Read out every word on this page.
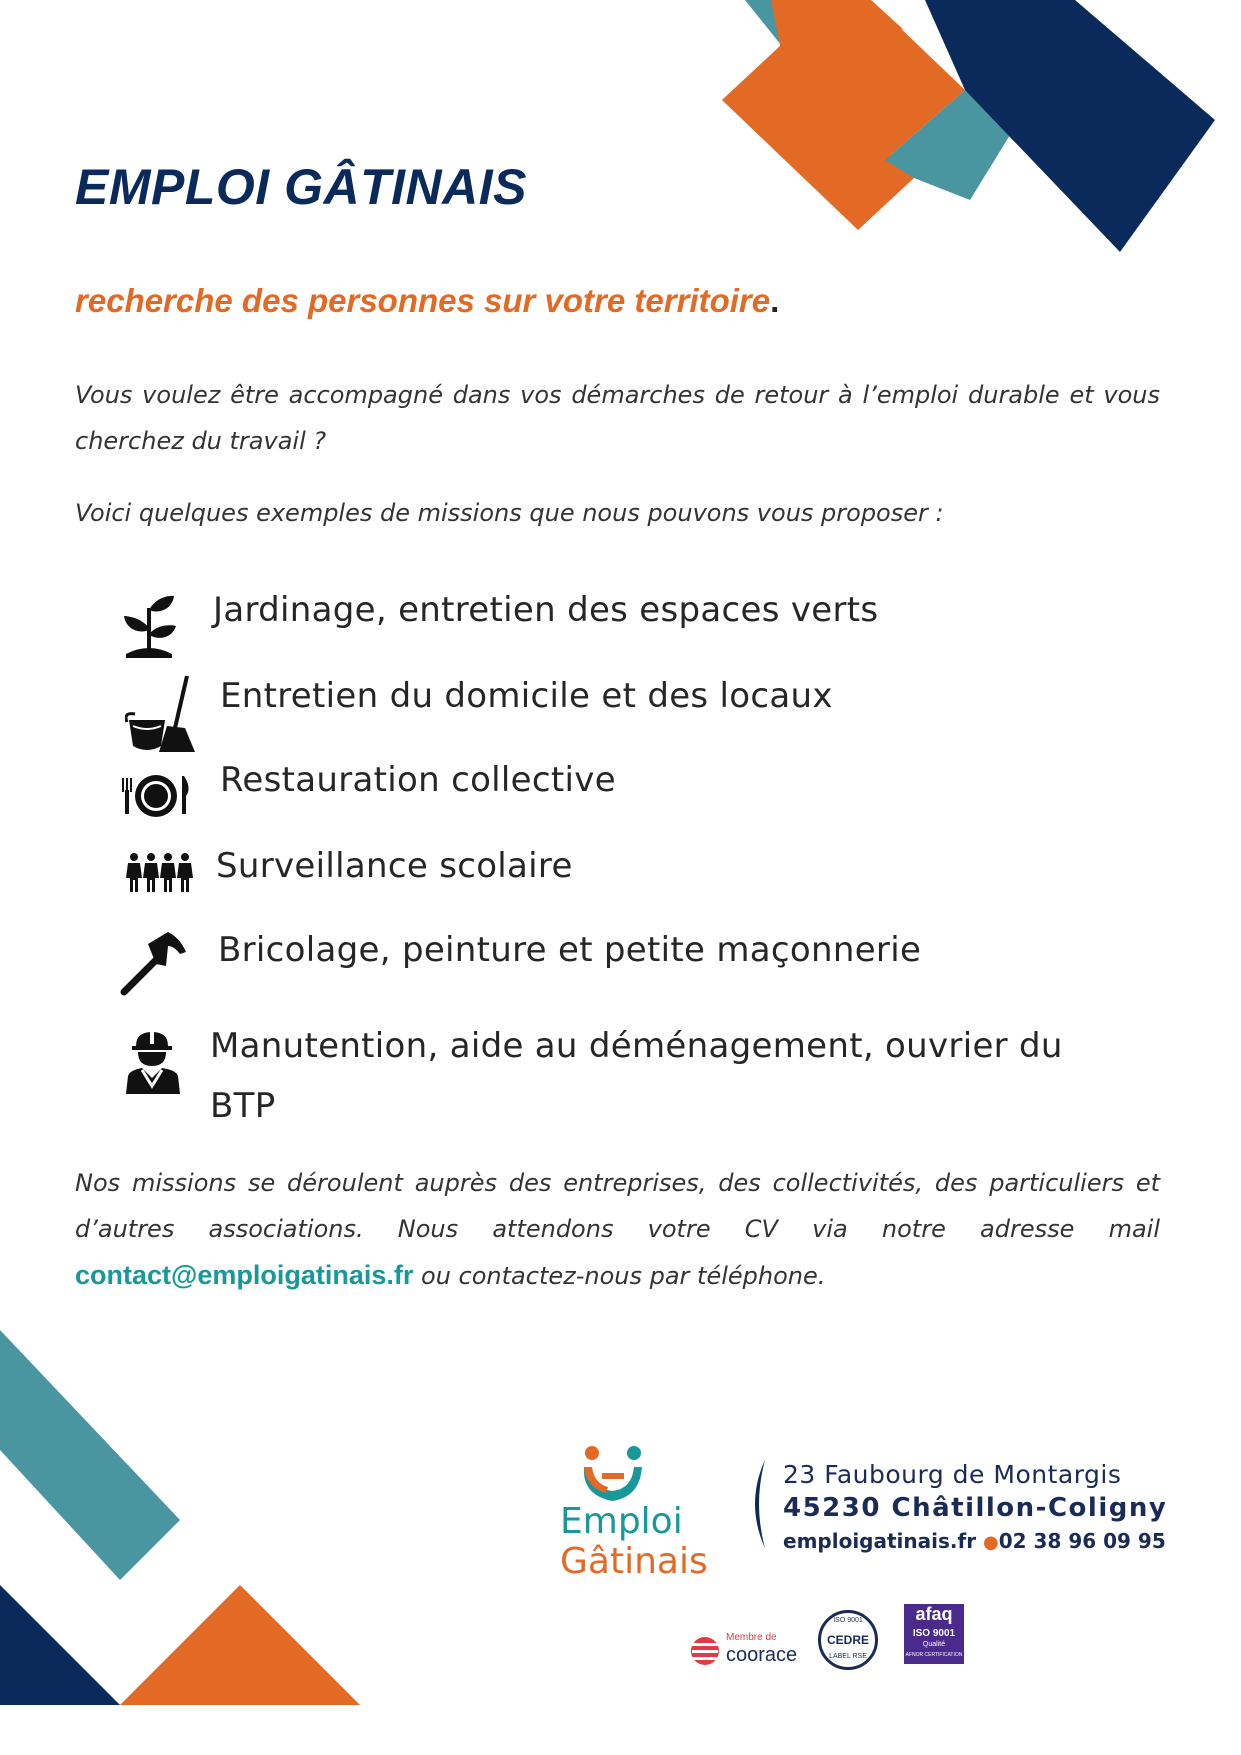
EMPLOI GÂTINAIS

recherche des personnes sur votre territoire.

Vous voulez être accompagné dans vos démarches de retour à l’emploi durable et vous cherchez du travail ?

Voici quelques exemples de missions que nous pouvons vous proposer :

Jardinage, entretien des espaces verts

Entretien du domicile et des locaux

Restauration collective

Surveillance scolaire

Bricolage, peinture et petite maçonnerie

Manutention, aide au déménagement, ouvrier du BTP

Nos missions se déroulent auprès des entreprises, des collectivités, des particuliers et d’autres associations. Nous attendons votre CV via notre adresse mail contact@emploigatinais.fr ou contactez-nous par téléphone.

Emploi
Gâtinais

23 Faubourg de Montargis

45230 Châtillon-Coligny

emploigatinais.fr ●02 38 96 09 95

Membre de
coorace
ISO 9001
CEDRE
LABEL RSE
afaq
ISO 9001
Qualité
AFNOR CERTIFICATION
